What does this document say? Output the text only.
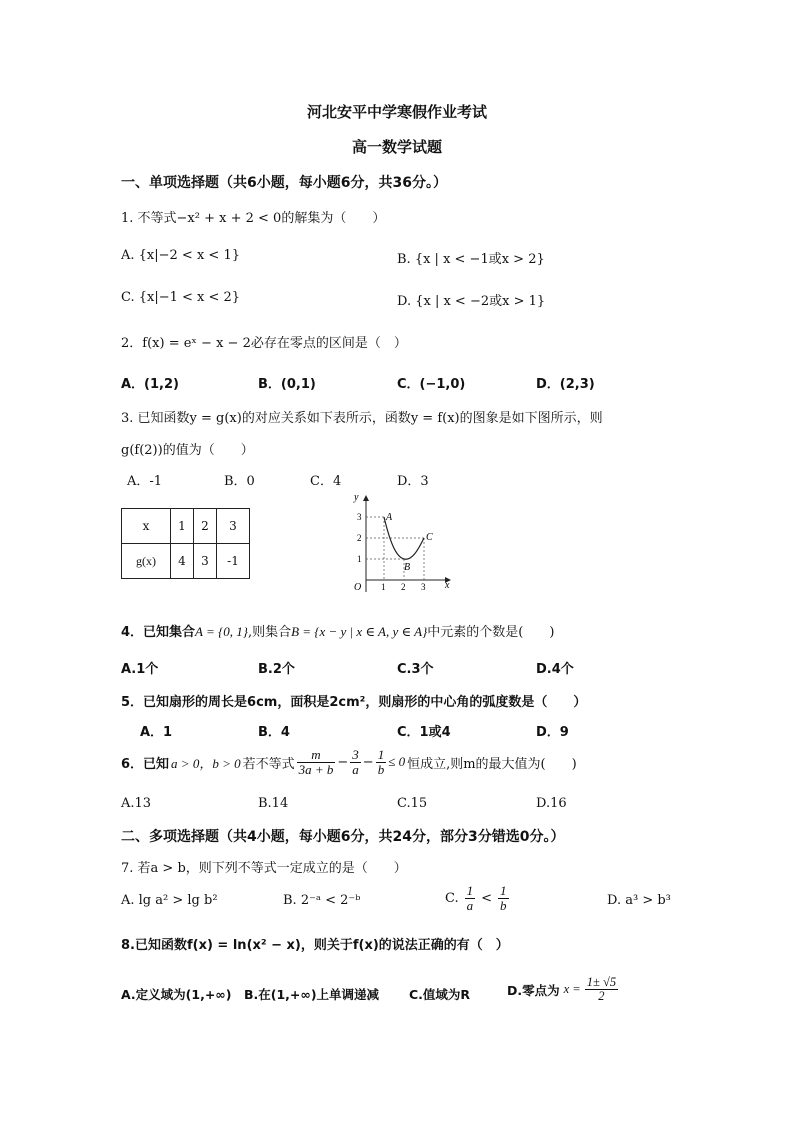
河北安平中学寒假作业考试
高一数学试题
一、单项选择题（共6小题，每小题6分，共36分。）
1. 不等式−x² + x + 2 < 0的解集为（　　）
A. {x|−2 < x < 1}	B. {x | x < −1或x > 2}
C. {x|−1 < x < 2}	D. {x | x < −2或x > 1}
2．f(x) = eˣ − x − 2必存在零点的区间是（　）
A．(1,2)	B．(0,1)	C．(−1,0)	D．(2,3)
3. 已知函数y = g(x)的对应关系如下表所示，函数y = f(x)的图象是如下图所示，则
g(f(2))的值为（　　）
A．-1	B．0	C．4	D．3
x	1	2	3
g(x)	4	3	-1
y
x
O 1 2 3
1
2
3 A
B
C
4．已知集合A = {0, 1},则集合B = {x − y | x ∈ A, y ∈ A}中元素的个数是(　　)
A.1个	B.2个	C.3个	D.4个
5．已知扇形的周长是6cm，面积是2cm²，则扇形的中心角的弧度数是（　　）
A．1	B．4	C．1或4	D．9
6．已知 a > 0，b > 0 若不等式 $\frac{m}{3a + b} - \frac{3}{a} - \frac{1}{b} \le 0$ 恒成立,则m的最大值为(　　)
A.13	B.14	C.15	D.16
二、多项选择题（共4小题，每小题6分，共24分，部分3分错选0分。）
7. 若a > b，则下列不等式一定成立的是（　　）
A. lg a² > lg b²	B. 2⁻ᵃ < 2⁻ᵇ	C. $\frac{1}{a} < \frac{1}{b}$	D. a³ > b³
8.已知函数f(x) = ln(x² − x)，则关于f(x)的说法正确的有（　）
A.定义域为(1,+∞) B.在(1,+∞)上单调递减 C.值域为R	D.零点为 $x = \frac{1\pm √5}{2}$
